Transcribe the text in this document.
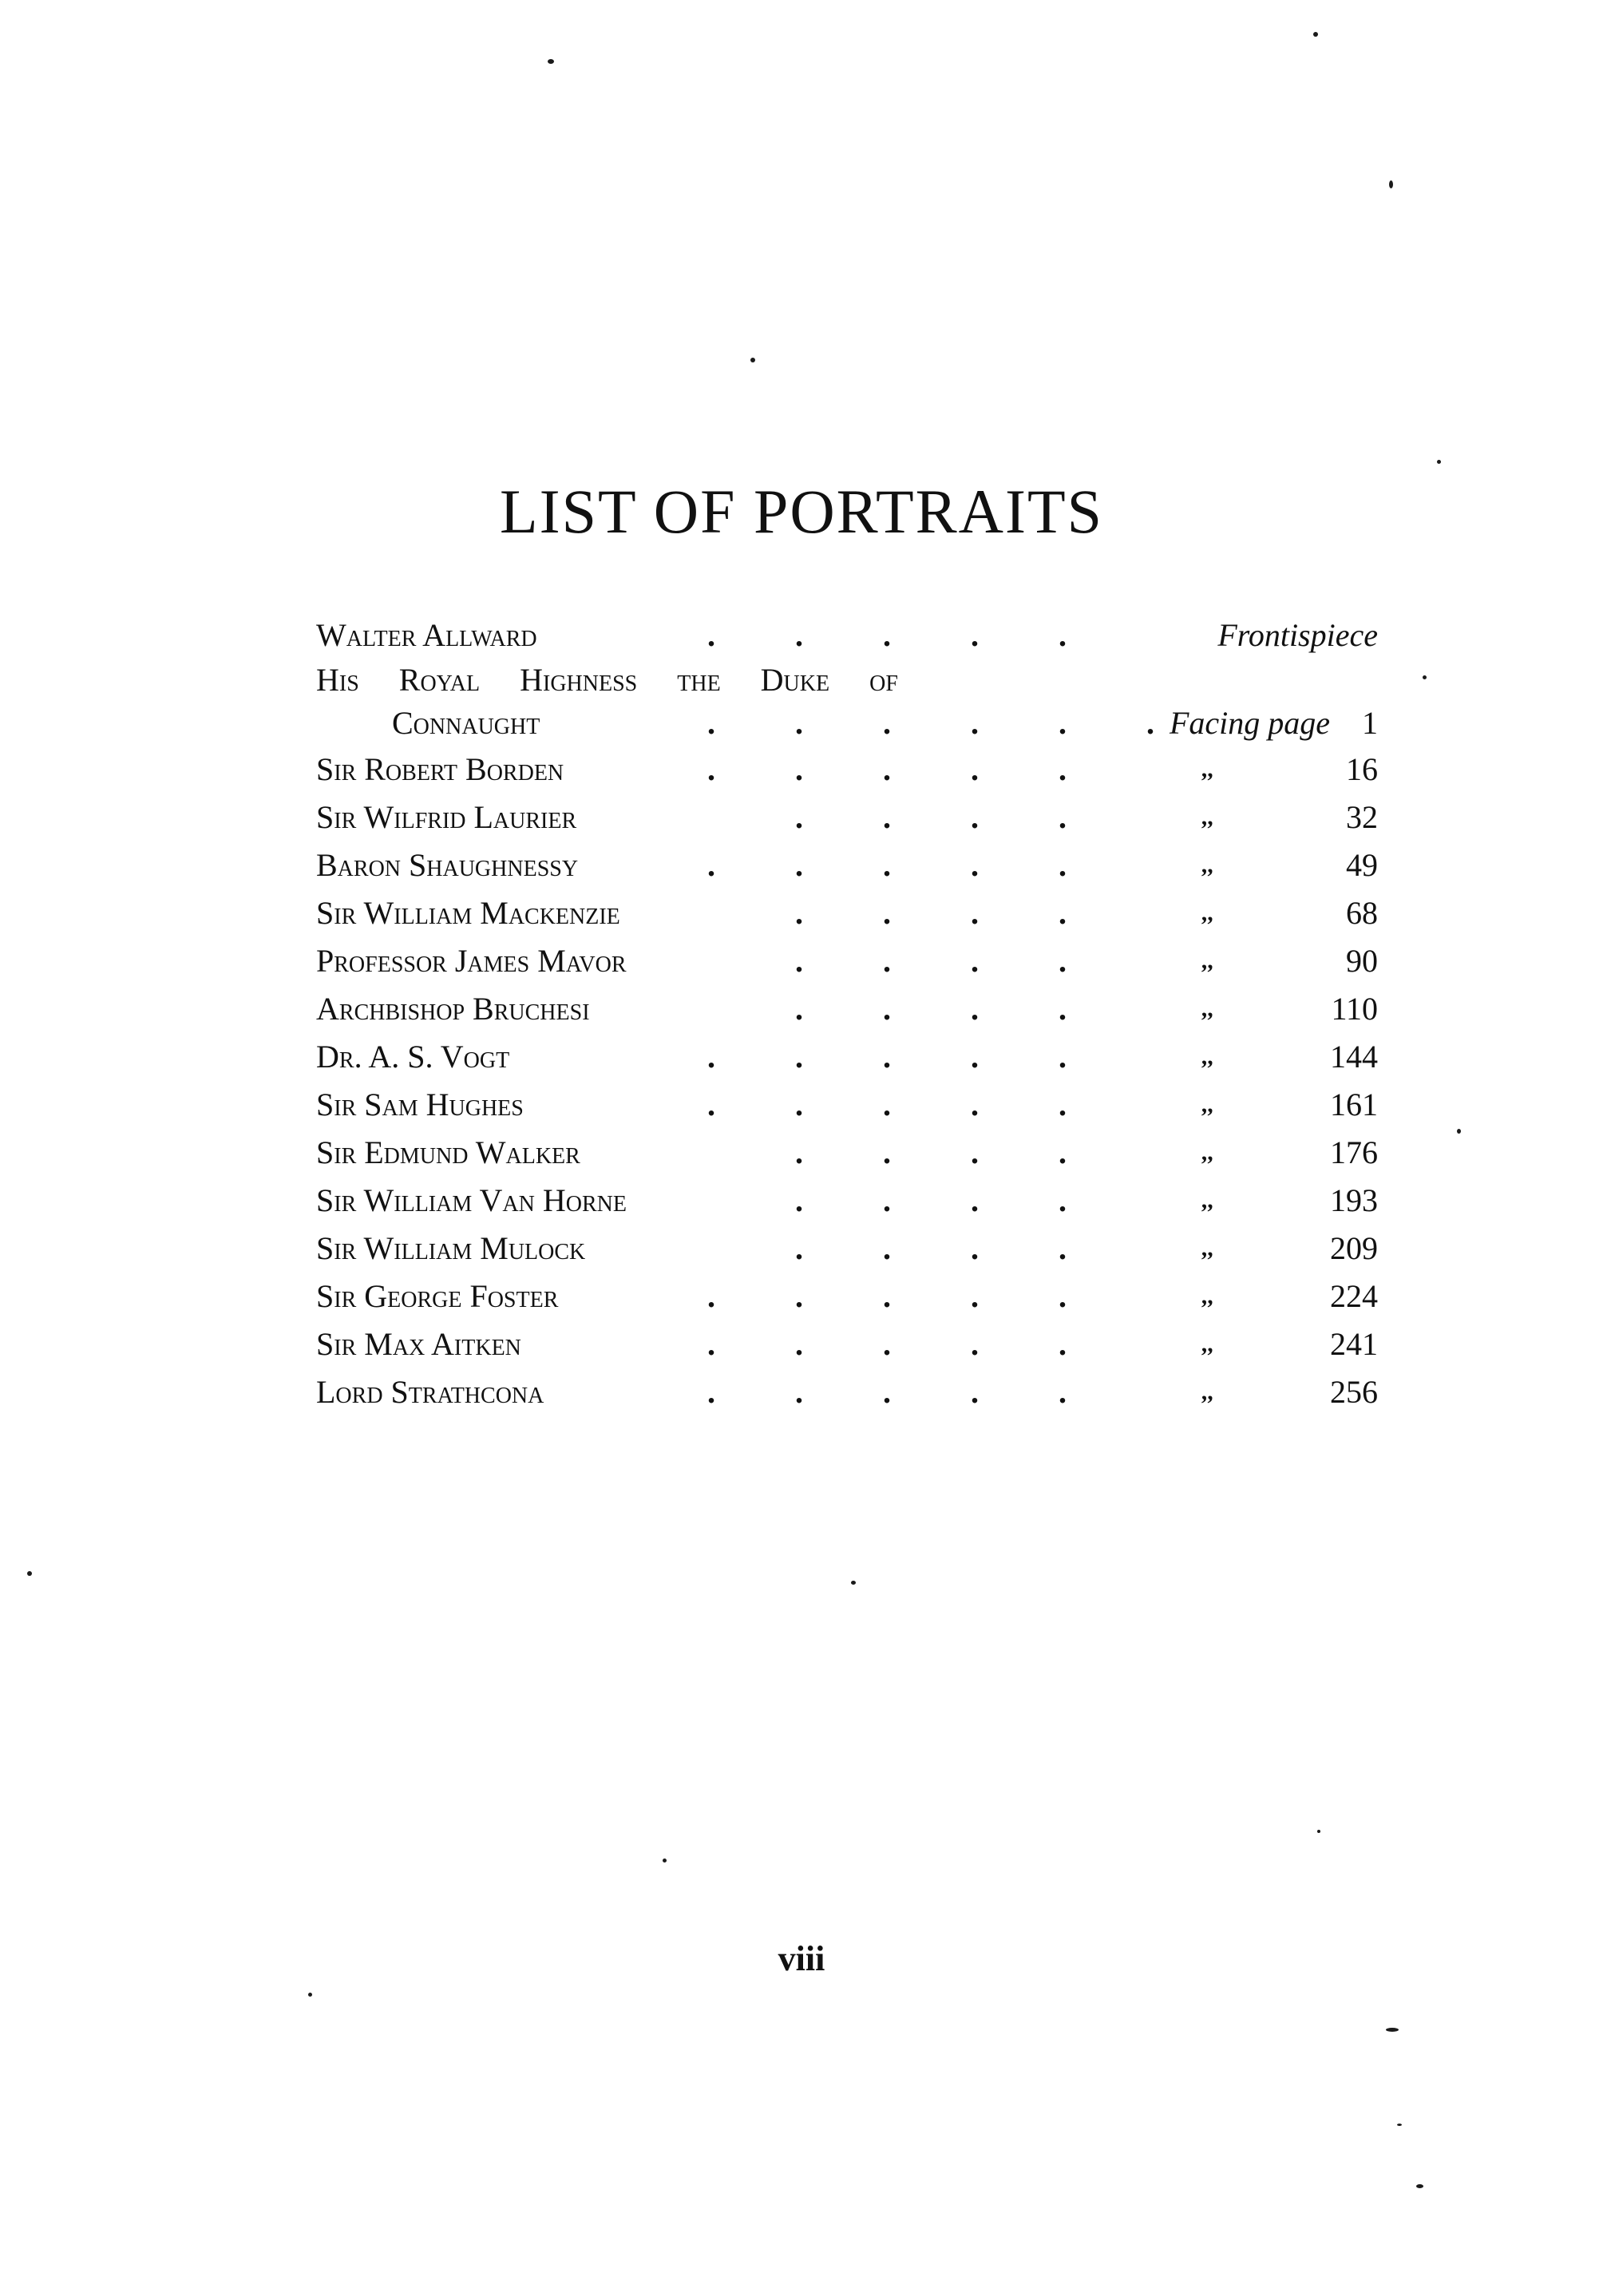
LIST OF PORTRAITS
Walter Allward	.          .          .          .          .	Frontispiece
His Royal Highness the Duke of
Connaught	.          .          .          .          .          . Facing page 1
Sir Robert Borden	.          .          .          .          .	,,	16
Sir Wilfrid Laurier	.          .          .          .	,,	32
Baron Shaughnessy	.          .          .          .          .	,,	49
Sir William Mackenzie	.          .          .          .	,,	68
Professor James Mavor	.          .          .          .	,,	90
Archbishop Bruchesi	.          .          .          .	,,	110
Dr. A. S. Vogt	.          .          .          .          .	,,	144
Sir Sam Hughes	.          .          .          .          .	,,	161
Sir Edmund Walker	.          .          .          .	,,	176
Sir William Van Horne	.          .          .          .	,,	193
Sir William Mulock	.          .          .          .	,,	209
Sir George Foster	.          .          .          .          .	,,	224
Sir Max Aitken	.          .          .          .          .	,,	241
Lord Strathcona	.          .          .          .          .	,,	256
viii
